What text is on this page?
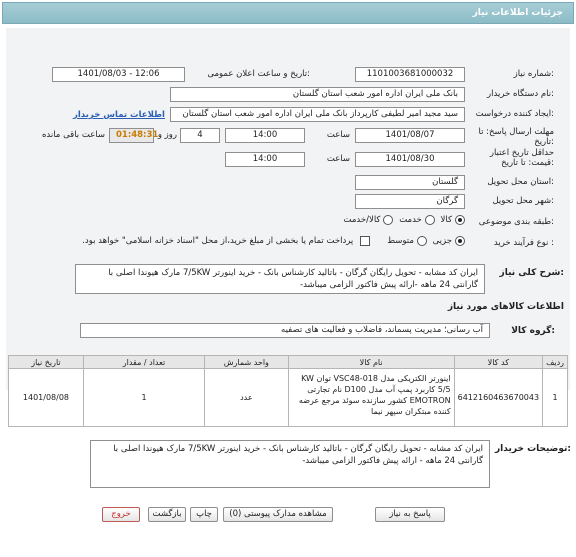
جزئیات اطلاعات نیاز
شماره نیاز:
1101003681000032
تاریخ و ساعت اعلان عمومی:
1401/08/03 - 12:06
نام دستگاه خریدار:
بانک ملی ایران اداره امور شعب استان گلستان
ایجاد کننده درخواست:
سید مجید امیر لطیفی کارپرداز بانک ملی ایران اداره امور شعب استان گلستان
اطلاعات تماس خریدار
مهلت ارسال پاسخ: تا تاریخ:
1401/08/07
ساعت
14:00
4
روز و
01:48:31
ساعت باقی مانده
حداقل تاریخ اعتبار قیمت: تا تاریخ:
1401/08/30
ساعت
14:00
استان محل تحویل:
گلستان
شهر محل تحویل:
گرگان
طبقه بندی موضوعی:
کالا خدمت کالا/خدمت
نوع فرآیند خرید :
جزیی متوسط
پرداخت تمام یا بخشی از مبلغ خرید،از محل "اسناد خزانه اسلامی" خواهد بود.
شرح کلی نیاز:
ایران کد مشابه - تحویل رایگان گرگان - باتالید کارشناس بانک - خرید اینورتر 7/5KW مارک هیوندا اصلی با گارانتی 24 ماهه -ارائه پیش فاکتور الزامی میباشد-
اطلاعات کالاهای مورد نیاز
گروه کالا:
آب رسانی؛ مدیریت پسماند، فاضلاب و فعالیت های تصفیه
ردیف	کد کالا	نام کالا	واحد شمارش	تعداد / مقدار	تاریخ نیاز
1	6412160463670043	اینورتر الکتریکی مدل VSC48-018 توان KW 5/5 کاربرد پمپ آب مدل D100 نام تجارتی EMOTRON کشور سازنده سوئد مرجع عرضه کننده مبتکران سپهر نیما	عدد	1	1401/08/08
توضیحات خریدار:
ایران کد مشابه - تحویل رایگان گرگان - باتالید کارشناس بانک - خرید اینورتر 7/5KW مارک هیوندا اصلی با گارانتی 24 ماهه - ارائه پیش فاکتور الزامی میباشد-
پاسخ به نیاز
مشاهده مدارک پیوستی (0)
چاپ
بازگشت
خروج
